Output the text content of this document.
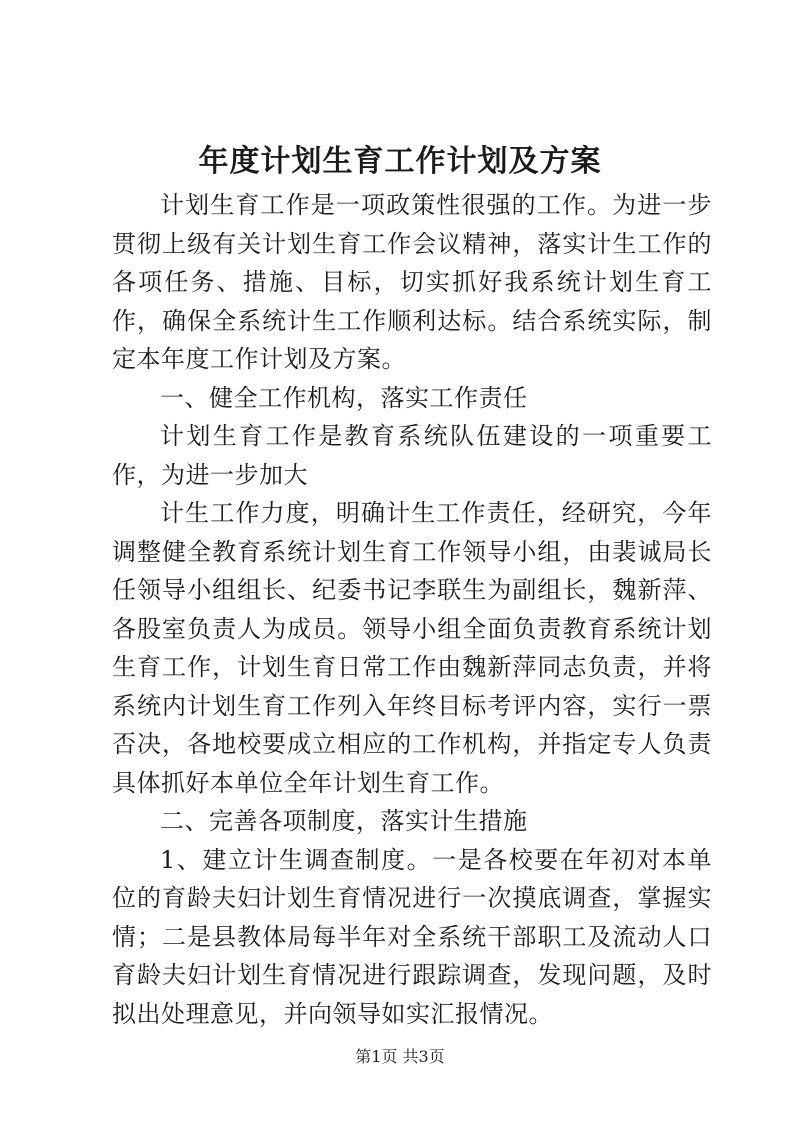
年度计划生育工作计划及方案

计划生育工作是一项政策性很强的工作。为进一步贯彻上级有关计划生育工作会议精神，落实计生工作的各项任务、措施、目标，切实抓好我系统计划生育工作，确保全系统计生工作顺利达标。结合系统实际，制定本年度工作计划及方案。

一、健全工作机构，落实工作责任

计划生育工作是教育系统队伍建设的一项重要工作，为进一步加大

计生工作力度，明确计生工作责任，经研究，今年调整健全教育系统计划生育工作领导小组，由裴诚局长任领导小组组长、纪委书记李联生为副组长，魏新萍、各股室负责人为成员。领导小组全面负责教育系统计划生育工作，计划生育日常工作由魏新萍同志负责，并将系统内计划生育工作列入年终目标考评内容，实行一票否决，各地校要成立相应的工作机构，并指定专人负责具体抓好本单位全年计划生育工作。

二、完善各项制度，落实计生措施

1、建立计生调查制度。一是各校要在年初对本单位的育龄夫妇计划生育情况进行一次摸底调查，掌握实情；二是县教体局每半年对全系统干部职工及流动人口育龄夫妇计划生育情况进行跟踪调查，发现问题，及时拟出处理意见，并向领导如实汇报情况。

第1页 共3页
